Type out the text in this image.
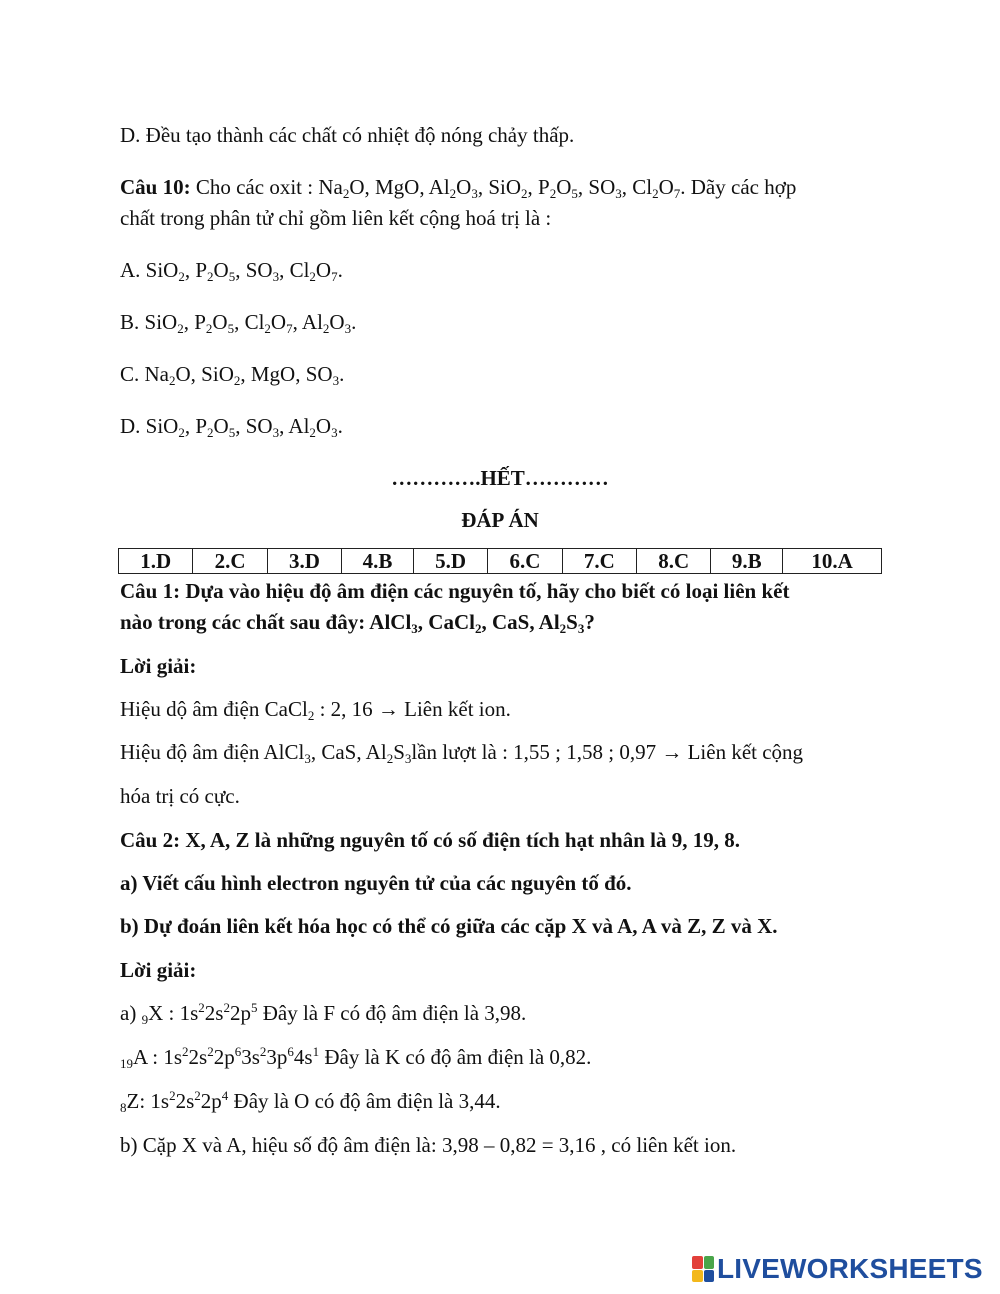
D. Đều tạo thành các chất có nhiệt độ nóng chảy thấp.
Câu 10: Cho các oxit : $Na_2O$, MgO, $Al_2O_3$, SiO$_2$, $P_2O_5$, $SO_3$, $Cl_2O_7$. Dãy các hợp
chất trong phân tử chỉ gồm liên kết cộng hoá trị là :
A. SiO$_2$, $P_2O_5$, $SO_3$, $Cl_2O_7$.
B. SiO$_2$, $P_2O_5$, $Cl_2O_7$, $Al_2O_3$.
C. $Na_2O$, SiO$_2$, MgO, $SO_3$.
D. SiO$_2$, $P_2O_5$, $SO_3$, $Al_2O_3$.
………….HẾT…………
ĐÁP ÁN
1.D	2.C	3.D	4.B	5.D	6.C	7.C	8.C	9.B	10.A
Câu 1: Dựa vào hiệu độ âm điện các nguyên tố, hãy cho biết có loại liên kết
nào trong các chất sau đây: AlCl$_3$, CaCl$_2$, CaS, $Al_2S_3$?
Lời giải:
Hiệu dộ âm điện CaCl$_2$ : 2, 16 → Liên kết ion.
Hiệu độ âm điện AlCl$_3$, CaS, $Al_2S_3lần$ lượt là : 1,55 ; 1,58 ; 0,97 → Liên kết cộng
hóa trị có cực.
Câu 2: X, A, Z là những nguyên tố có số điện tích hạt nhân là 9, 19, 8.
a) Viết cấu hình electron nguyên tử của các nguyên tố đó.
b) Dự đoán liên kết hóa học có thể có giữa các cặp X và A, A và Z, Z và X.
Lời giải:
a) 9X : $1s^22s^22p^5$ Đây là F có độ âm điện là 3,98.
19A : $1s^22s^22p^63s^23p^64s^1$ Đây là K có độ âm điện là 0,82.
8Z: $1s^22s^22p^4$ Đây là O có độ âm điện là 3,44.
b) Cặp X và A, hiệu số độ âm điện là: 3,98 – 0,82 = 3,16 , có liên kết ion.
LIVEWORKSHEETS
